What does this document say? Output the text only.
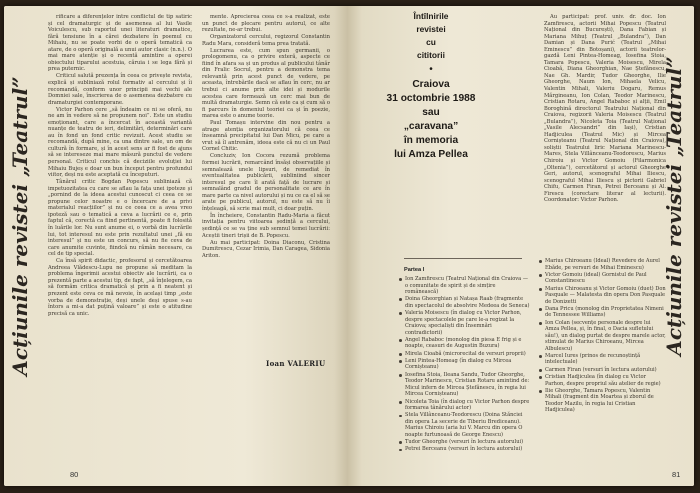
Acțiunile revistei „Teatrul”

rificare a diferențelor între conflictul de tip satiric și cel dramaturgic și de asemenea al lui Vasile Voiculescu, sub raportul unei literaturi dramatice, fără tensiune în a cărei dezbatere în poemul cu Mihaiu, nu se poate vorbi de o operă tematică ca atare, de o operă originală a unui autor clasic (n.n.). O mai mare atenție și o recentă amintire a operei obiectului tiparului acestuia, căruia i se lega fără și prea puternic.

Criticul salută prezența în ceea ce privește revista, explică și subliniază rolul formativ al cercului și îi recomandă, conform unor principii mai vechi ale Domniei sale, înscrierea de o asemenea dezbatere cu dramaturgiei contemporane.

Victor Parhon cere „să îndeaim ce ni se oferă, nu ne am în vedere să ne propunem noi”. Este un studiu emoționant, care a încercat în această variantă nuanțe de teatru de ieri, delimitări, determinări care au în fond un fond critic revizuit. Acest studiu se recomandă, după mine, ca una dintre sale, un om de cultură în formare, și în acest sens ar fi fost de ajuns să se intereseze mai mare măsură punctul de vedere personal. Criticul conchis că deciziile evoluției lui Mihaiu Bujeș e doar un bun început pentru profundul viitor, deși nu este aceptată cu începuturi.

Tânărul critic Bogdan Popescu subliniază că impetuozitatea cu care se aflau la fața unei ipoteze și „pornind de la ideea acestui cunoscut ci ceea ce se propune celor noastre e o încercare de a privi materialul reacțiilor” și nu ce ceea ce a avea vreo ipoteză sau o tematică a ceva a lucrării ce e, prin faptul că, corectă ca fiind pertinentă, poate fi folosită în luările lor. Nu sunt anume ei, o vorbă din lucrările lui, tot interesul nu este prin rezultatul unei „fă eu interesul” și nu este un concurs, să nu fie ceva de care anumite cuvinte, fiindcă nu rămân necesare, ca cel de tip special.

Ca însă spirit didactic, profesorul și cercetătoarea Andreea Vlădescu-Lupu ne propune să meditam la problema îngerimii acestui obiectiv ale lucrării, ca o prezentă parte a acestui tip, de fapt, „să înțelegem, ca să formăm critica dramatică și prin a fi neatent și prezent este ceva ce mă nevoie, în același timp „este vorba de demonstrație, deși unele deși spuse s-au întors a mi-a dat puțină valoare” și este o atitudine precisă ca unic.

mente. Aprecierea ceea ce s-a realizat, este un punct de plecare pentru autorul, ce alte rezultate, ne-ar trebui.

Organizatorul cercului, regizorul Constantin Radu Mara, consideră tema prea tratată.

Lucrarea este, cum spun germanii, o prologomenu, ca o privire exteră, aspecte ce fiind în afara sa și un produs al publicului tânăr din Fralic Socrul, pentru a demonstra tema relevantă prin acest punct de vedere, pe aceasta, întrebările dacă se aflau în cerc, nu ar trebui ci anume prin alte idei și modurile acestea care formează un cerc mai bun de multă dramaturgie. Semn că este ca și cum să o fi parcurs în domeniul teoriei ca și în poezie, marea este o anume teorie.

Paul Tomașu intervine din nou pentru a atrage atenția organizatorului că ceea ce înseamnă precipitatul lui Dan Micu, pe care a vrut să îl antrenăm, ideea este că nu ci un Paul Cornel Chitic.

Concluziv, Ion Cocora rezumă problema formei lucrării, remarcând însăși observațiile și semnalează unele lipsuri, de remediat în eventualitatea publicării, subliniind sincer interesul pe care îl arată față de lucrare și semnalând gradul de personalitate ce are în mare parte ca nivel autorului și nu ce ca el să se arate pe publicul, autorul, nu este să nu îi înțeleagă, să scrie mai mult, ci doar puțin.

În încheiere, Constantin Radu-Maria a făcut invitația pentru viitoarea ședință a cercului, ședință ce se va ține sub semnul temei lucrării: Aceștii tineri trișii de B. Popescu.

Au mai participat: Doina Diaconu, Cristina Dumitrescu, Cezar Irimia, Dan Caragea, Sidonia Ariton.

Ioan VALERIU
80
Întîlnirile
revistei
cu
cititorii
•
Craiova
31 octombrie 1988
sau
„caravana”
în memoria
lui Amza Pellea

Au participat: prof. univ. dr. doc. Ion Zamfirescu, actorii Mihai Popescu (Teatrul Național din București), Dana Fabian și Mariana Mihuț (Teatrul „Bulandra”), Dan Damian și Dana Purić (Teatrul „Mihai Eminescu” din Botoșani), actorii teatrelor-gazdă Leni Pinteа-Homeag, Iosefina Stoia, Tamara Popescu, Valeria Moisescu, Mirela Cioabă, Diana Gheorghian, Nae Ștefănescu, Nae Gh. Mardir, Tudor Gheorghe, Ilie Gheorghe, Naum Ion, Mihaela Velicu, Valentin Mihali, Valeriu Dogaru, Remus Mărgineanu, Ion Colan, Teodor Marinescu, Cristian Rotaru, Angel Rababoc și alții, Emil Boroghină directorul Teatrului Național din Craiova, regizorii Valeria Moisescu (Teatrul „Bulandra”), Nicoleta Toia (Teatrul Național „Vasile Alecsandri” din Iași), Cristian Hadjiculea (Teatrul Mic) și Mircea Cornișteanu (Teatrul Național din Craiova), soliștii Teatrului liric Mariana Marinescu-Mares, Stela Villânceanu-Teodorescu, Marius Chiroiu și Victor Gomoiu (Filarmonica „Oltenia”), cercetătorul și actorul Gheorghe Geri, autorul, scenograful Mihai Iliescu, scenograful Mihai Iliescu și pictorii Gabriel Chifu, Carmen Firan, Petrei Berceanu și Al. Firescu (corectare literar al lecturii). Coordonator: Victor Parhon.

Partea I
Ion Zamfirescu (Teatrul Național din Craiova — o comunitate de spirit și de simțire românească)
Doina Gheorghian și Natașa Raab (fragmente din spectacolul de absolvire Medeea de Seneca)
Valeria Moisescu (în dialog cu Victor Parhon, despre spectacolele pe care le-a regizat la Craiova; specialiști din Însemnări contradictorii)
Angel Rababoc (monolog din piesa E frig și e noapte, ceasuri de Augustin Buzura)
Mirela Cioabă (microrecital de versuri proprii)
Leni Pinteа-Homeag (în dialog cu Mircea Cornișteanu)
Iosefina Stoia, Ileana Sandu, Tudor Gheorghe, Teodor Marinescu, Cristian Rotaru amintind de: Micul infern de Mircea Ștefănescu, în regia lui Mircea Cornișteanu)
Nicoleta Toia (în dialog cu Victor Parhon despre formarea tânărului actor)
Stela Villânceanu-Teodorescu (Doina Stănciei din opera La secerie de Tiberiu Brediceanu). Marius Chiroiu (aria lui V. Marcu din opera O noapte furtunoasă de George Enescu)
Tudor Gheorghe (versuri în lectura autorului)
Petrei Berceanu (versuri în lectura autorului)
Marius Chiroeanu (Ideal) Revedere de Aurel Ebăde, pe versuri de Mihai Eminescu)
Victor Gomoiu (ideal) Gornistul de Paul Constantinescu
Marius Chiroeanu și Victor Gomoiu (duet) Don Pasquale — Malatesta din opera Don Pasquale de Donizetti
Dana Pricu (monolog din Proprietatea Nimeni de Tennessee Williams)
Ion Colan (secvențe personale despre lui Amza Pellea, și, în final, o Dacia sufletului său!), un dialog purtat de despre marele actor, stimulat de Marius Chiroeanu, Mircea Albulescu)
Marcel Iures (prinos de recunoștință intelectuale)
Carmen Firan (versuri în lectura autorului)
Cristian Hadjiculea (în dialog cu Victor Parhon, despre propriul său atelier de regie)
Ilie Gheorghe, Tamara Popescu, Valentin Mihali (fragment din Moartea și zborul de Teodor Mazilu, în regia lui Cristian Hadjiculea)
Acțiunile revistei „Teatrul”
81
